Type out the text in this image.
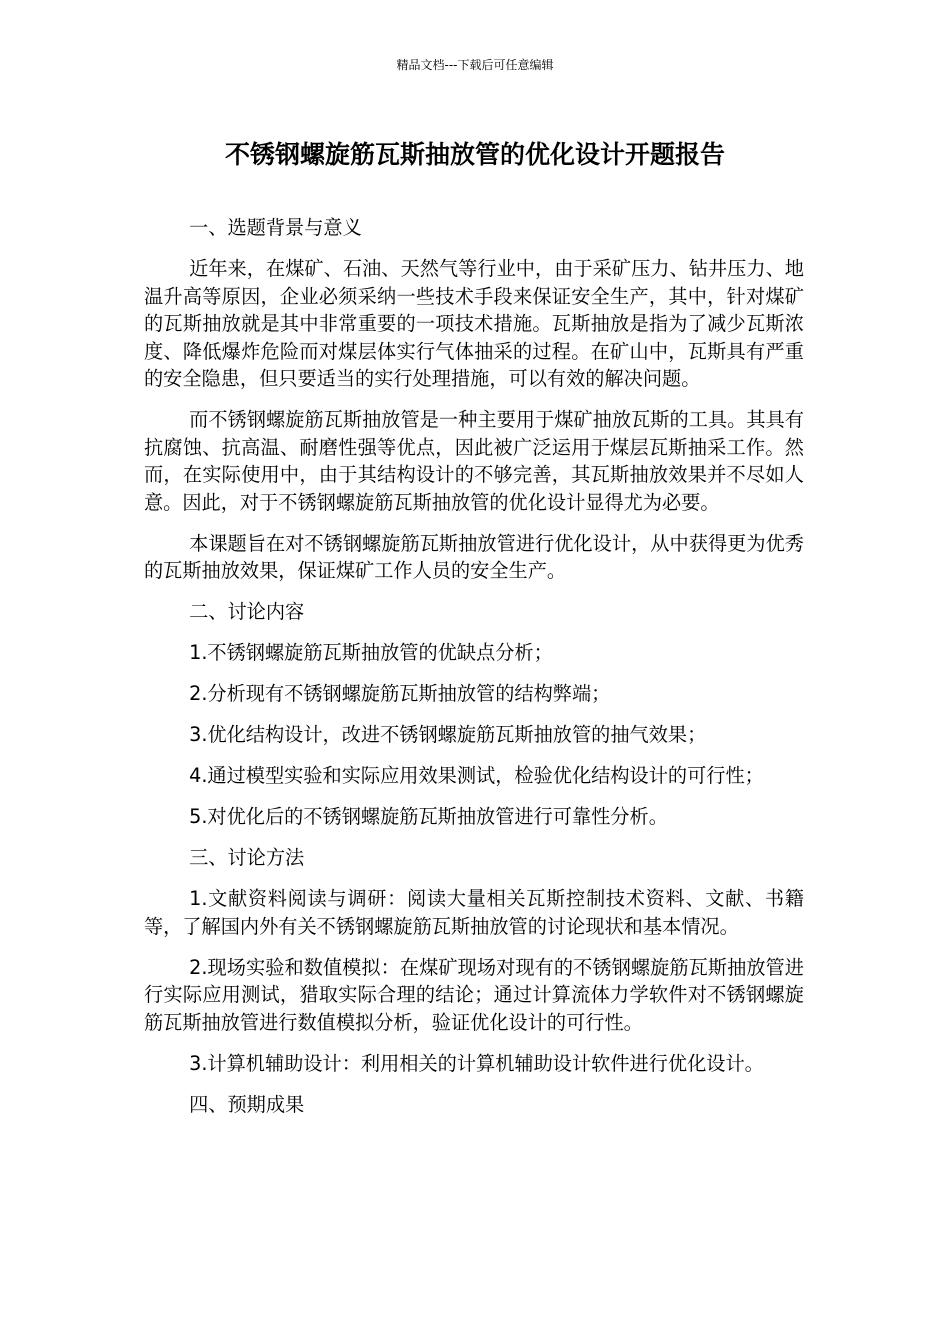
精品文档---下载后可任意编辑
不锈钢螺旋筋瓦斯抽放管的优化设计开题报告

一、选题背景与意义

近年来，在煤矿、石油、天然气等行业中，由于采矿压力、钻井压力、地温升高等原因，企业必须采纳一些技术手段来保证安全生产，其中，针对煤矿的瓦斯抽放就是其中非常重要的一项技术措施。瓦斯抽放是指为了减少瓦斯浓度、降低爆炸危险而对煤层体实行气体抽采的过程。在矿山中，瓦斯具有严重的安全隐患，但只要适当的实行处理措施，可以有效的解决问题。

而不锈钢螺旋筋瓦斯抽放管是一种主要用于煤矿抽放瓦斯的工具。其具有抗腐蚀、抗高温、耐磨性强等优点，因此被广泛运用于煤层瓦斯抽采工作。然而，在实际使用中，由于其结构设计的不够完善，其瓦斯抽放效果并不尽如人意。因此，对于不锈钢螺旋筋瓦斯抽放管的优化设计显得尤为必要。

本课题旨在对不锈钢螺旋筋瓦斯抽放管进行优化设计，从中获得更为优秀的瓦斯抽放效果，保证煤矿工作人员的安全生产。

二、讨论内容

1.不锈钢螺旋筋瓦斯抽放管的优缺点分析；

2.分析现有不锈钢螺旋筋瓦斯抽放管的结构弊端；

3.优化结构设计，改进不锈钢螺旋筋瓦斯抽放管的抽气效果；

4.通过模型实验和实际应用效果测试，检验优化结构设计的可行性；

5.对优化后的不锈钢螺旋筋瓦斯抽放管进行可靠性分析。

三、讨论方法

1.文献资料阅读与调研：阅读大量相关瓦斯控制技术资料、文献、书籍等，了解国内外有关不锈钢螺旋筋瓦斯抽放管的讨论现状和基本情况。

2.现场实验和数值模拟：在煤矿现场对现有的不锈钢螺旋筋瓦斯抽放管进行实际应用测试，猎取实际合理的结论；通过计算流体力学软件对不锈钢螺旋筋瓦斯抽放管进行数值模拟分析，验证优化设计的可行性。

3.计算机辅助设计：利用相关的计算机辅助设计软件进行优化设计。

四、预期成果
